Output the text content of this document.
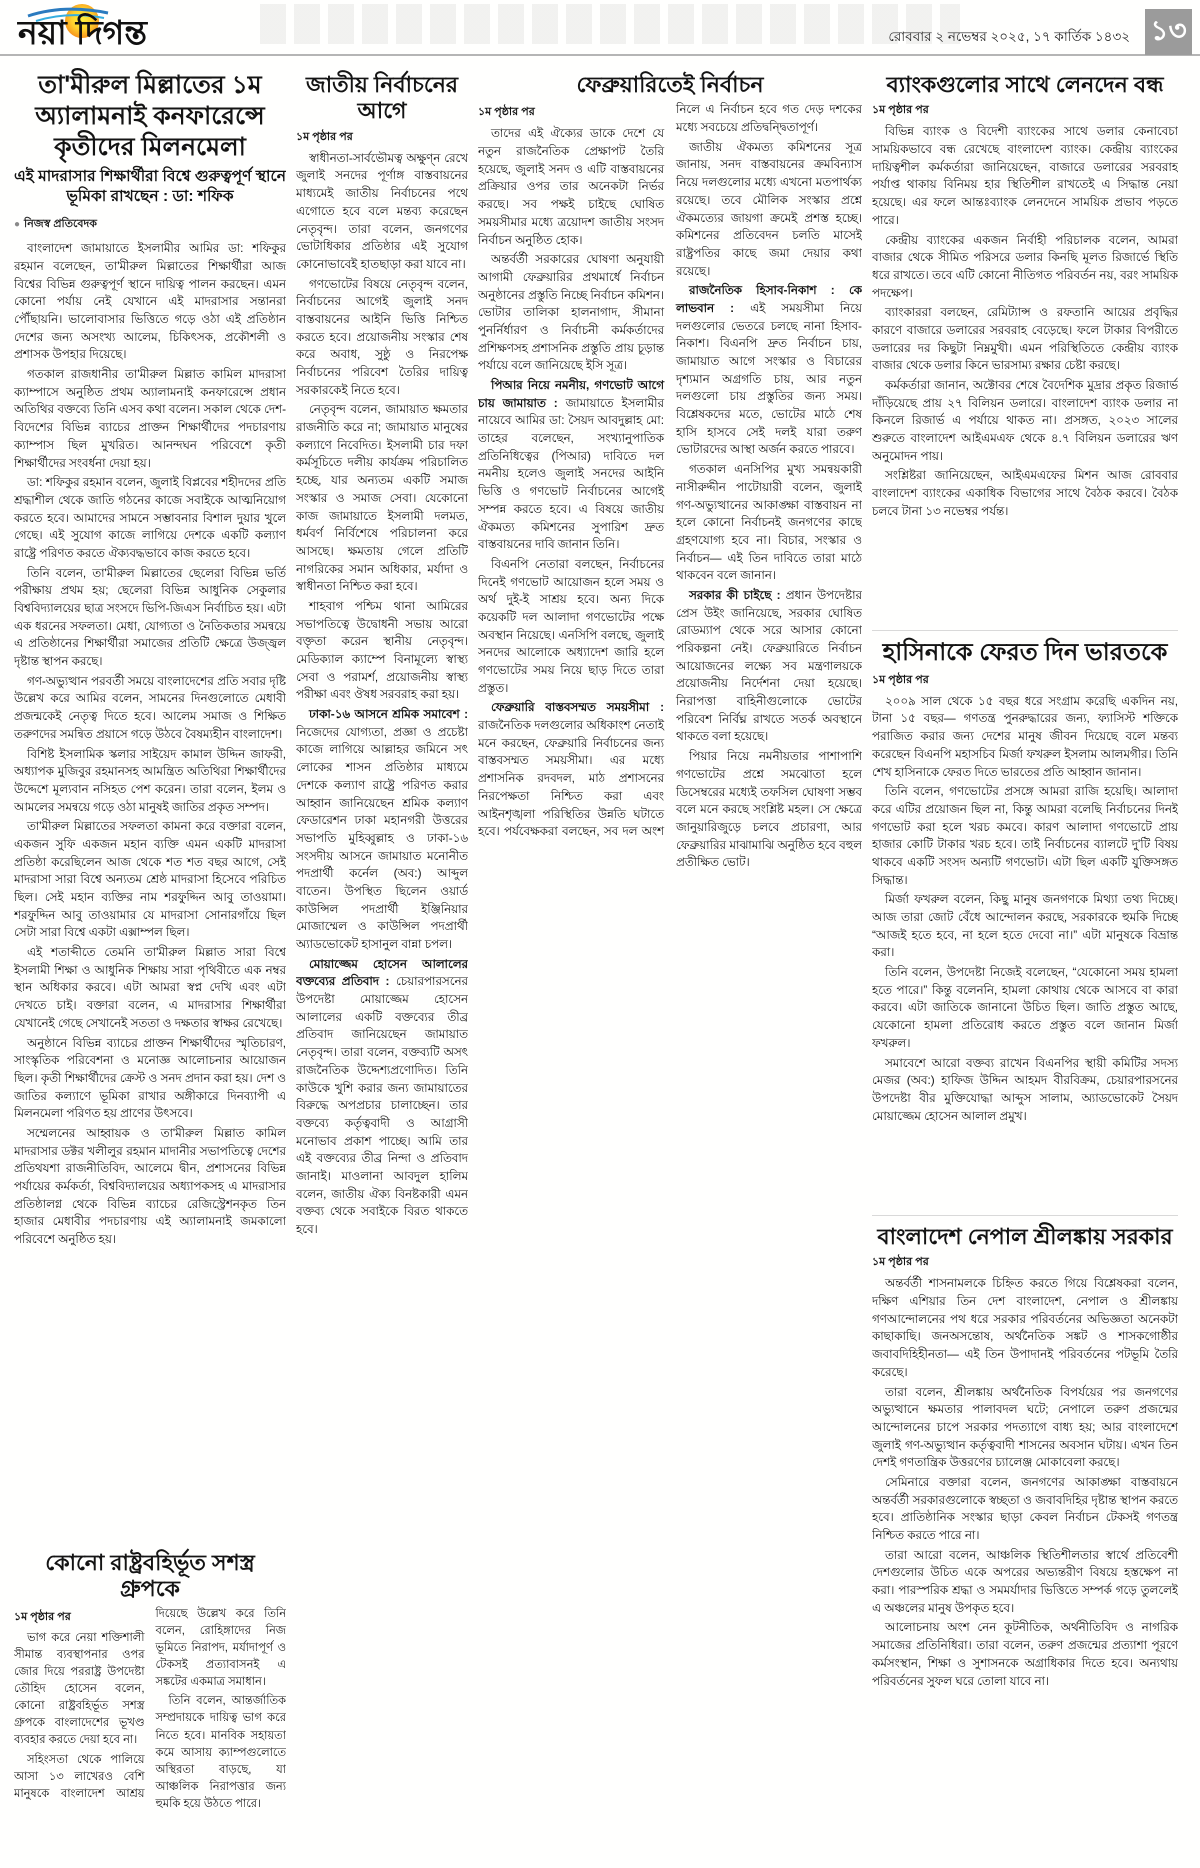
নয়া দিগন্ত	রোববার ২ নভেম্বর ২০২৫, ১৭ কার্তিক ১৪৩২ ১৩
তা'মীরুল মিল্লাতের ১ম অ্যালামনাই কনফারেন্সে কৃতীদের মিলনমেলা
এই মাদরাসার শিক্ষার্থীরা বিশ্বে গুরুত্বপূর্ণ স্থানে ভূমিকা রাখছেন : ডা: শফিক

● নিজস্ব প্রতিবেদক

বাংলাদেশ জামায়াতে ইসলামীর আমির ডা: শফিকুর রহমান বলেছেন, তা'মীরুল মিল্লাতের শিক্ষার্থীরা আজ বিশ্বের বিভিন্ন গুরুত্বপূর্ণ স্থানে দায়িত্ব পালন করছেন। এমন কোনো পর্যায় নেই যেখানে এই মাদরাসার সন্তানরা পৌঁছায়নি। ভালোবাসার ভিত্তিতে গড়ে ওঠা এই প্রতিষ্ঠান দেশের জন্য অসংখ্য আলেম, চিকিৎসক, প্রকৌশলী ও প্রশাসক উপহার দিয়েছে।

গতকাল রাজধানীর তা'মীরুল মিল্লাত কামিল মাদরাসা ক্যাম্পাসে অনুষ্ঠিত প্রথম অ্যালামনাই কনফারেন্সে প্রধান অতিথির বক্তব্যে তিনি এসব কথা বলেন। সকাল থেকে দেশ-বিদেশের বিভিন্ন ব্যাচের প্রাক্তন শিক্ষার্থীদের পদচারণায় ক্যাম্পাস ছিল মুখরিত। আনন্দঘন পরিবেশে কৃতী শিক্ষার্থীদের সংবর্ধনা দেয়া হয়।

ডা: শফিকুর রহমান বলেন, জুলাই বিপ্লবের শহীদদের প্রতি শ্রদ্ধাশীল থেকে জাতি গঠনের কাজে সবাইকে আত্মনিয়োগ করতে হবে। আমাদের সামনে সম্ভাবনার বিশাল দুয়ার খুলে গেছে। এই সুযোগ কাজে লাগিয়ে দেশকে একটি কল্যাণ রাষ্ট্রে পরিণত করতে ঐক্যবদ্ধভাবে কাজ করতে হবে।

তিনি বলেন, তা'মীরুল মিল্লাতের ছেলেরা বিভিন্ন ভর্তি পরীক্ষায় প্রথম হয়; ছেলেরা বিভিন্ন আধুনিক সেকুলার বিশ্ববিদ্যালয়ের ছাত্র সংসদে ভিপি-জিএস নির্বাচিত হয়। এটা এক ধরনের সফলতা। মেধা, যোগ্যতা ও নৈতিকতার সমন্বয়ে এ প্রতিষ্ঠানের শিক্ষার্থীরা সমাজের প্রতিটি ক্ষেত্রে উজ্জ্বল দৃষ্টান্ত স্থাপন করছে।

গণ-অভ্যুত্থান পরবর্তী সময়ে বাংলাদেশের প্রতি সবার দৃষ্টি উল্লেখ করে আমির বলেন, সামনের দিনগুলোতে মেধাবী প্রজন্মকেই নেতৃত্ব দিতে হবে। আলেম সমাজ ও শিক্ষিত তরুণদের সমন্বিত প্রয়াসে গড়ে উঠবে বৈষম্যহীন বাংলাদেশ।

বিশিষ্ট ইসলামিক স্কলার সাইয়েদ কামাল উদ্দিন জাফরী, অধ্যাপক মুজিবুর রহমানসহ আমন্ত্রিত অতিথিরা শিক্ষার্থীদের উদ্দেশে মূল্যবান নসিহত পেশ করেন। তারা বলেন, ইলম ও আমলের সমন্বয়ে গড়ে ওঠা মানুষই জাতির প্রকৃত সম্পদ।

তা'মীরুল মিল্লাতের সফলতা কামনা করে বক্তারা বলেন, একজন সুফি একজন মহান ব্যক্তি এমন একটি মাদরাসা প্রতিষ্ঠা করেছিলেন আজ থেকে শত শত বছর আগে, সেই মাদরাসা সারা বিশ্বে অন্যতম শ্রেষ্ঠ মাদরাসা হিসেবে পরিচিত ছিল। সেই মহান ব্যক্তির নাম শরফুদ্দিন আবু তাওয়ামা। শরফুদ্দিন আবু তাওয়ামার যে মাদরাসা সোনারগাঁয়ে ছিল সেটা সারা বিশ্বে একটা এক্সাম্পল ছিল।

এই শতাব্দীতে তেমনি তা'মীরুল মিল্লাত সারা বিশ্বে ইসলামী শিক্ষা ও আধুনিক শিক্ষায় সারা পৃথিবীতে এক নম্বর স্থান অধিকার করবে। এটা আমরা স্বপ্ন দেখি এবং এটা দেখতে চাই। বক্তারা বলেন, এ মাদরাসার শিক্ষার্থীরা যেখানেই গেছে সেখানেই সততা ও দক্ষতার স্বাক্ষর রেখেছে।

অনুষ্ঠানে বিভিন্ন ব্যাচের প্রাক্তন শিক্ষার্থীদের স্মৃতিচারণ, সাংস্কৃতিক পরিবেশনা ও মনোজ্ঞ আলোচনার আয়োজন ছিল। কৃতী শিক্ষার্থীদের ক্রেস্ট ও সনদ প্রদান করা হয়। দেশ ও জাতির কল্যাণে ভূমিকা রাখার অঙ্গীকারে দিনব্যাপী এ মিলনমেলা পরিণত হয় প্রাণের উৎসবে।

সম্মেলনের আহ্বায়ক ও তা'মীরুল মিল্লাত কামিল মাদরাসার ডক্টর খলীলুর রহমান মাদানীর সভাপতিত্বে দেশের প্রতিথযশা রাজনীতিবিদ, আলেমে দ্বীন, প্রশাসনের বিভিন্ন পর্যায়ের কর্মকর্তা, বিশ্ববিদ্যালয়ের অধ্যাপকসহ এ মাদরাসার প্রতিষ্ঠালগ্ন থেকে বিভিন্ন ব্যাচের রেজিস্ট্রেশনকৃত তিন হাজার মেধাবীর পদচারণায় এই অ্যালামনাই জমকালো পরিবেশে অনুষ্ঠিত হয়।

কোনো রাষ্ট্রবহির্ভূত সশস্ত্র গ্রুপকে

১ম পৃষ্ঠার পর

ভাগ করে নেয়া শক্তিশালী সীমান্ত ব্যবস্থাপনার ওপর জোর দিয়ে পররাষ্ট্র উপদেষ্টা তৌহিদ হোসেন বলেন, কোনো রাষ্ট্রবহির্ভূত সশস্ত্র গ্রুপকে বাংলাদেশের ভূখণ্ড ব্যবহার করতে দেয়া হবে না।

সহিংসতা থেকে পালিয়ে আসা ১৩ লাখেরও বেশি মানুষকে বাংলাদেশ আশ্রয় দিয়েছে উল্লেখ করে তিনি বলেন, রোহিঙ্গাদের নিজ ভূমিতে নিরাপদ, মর্যাদাপূর্ণ ও টেকসই প্রত্যাবাসনই এ সঙ্কটের একমাত্র সমাধান।

তিনি বলেন, আন্তর্জাতিক সম্প্রদায়কে দায়িত্ব ভাগ করে নিতে হবে। মানবিক সহায়তা কমে আসায় ক্যাম্পগুলোতে অস্থিরতা বাড়ছে, যা আঞ্চলিক নিরাপত্তার জন্য হুমকি হয়ে উঠতে পারে।

জাতীয় নির্বাচনের আগে

১ম পৃষ্ঠার পর

স্বাধীনতা-সার্বভৌমত্ব অক্ষুণ্ন রেখে জুলাই সনদের পূর্ণাঙ্গ বাস্তবায়নের মাধ্যমেই জাতীয় নির্বাচনের পথে এগোতে হবে বলে মন্তব্য করেছেন নেতৃবৃন্দ। তারা বলেন, জনগণের ভোটাধিকার প্রতিষ্ঠার এই সুযোগ কোনোভাবেই হাতছাড়া করা যাবে না।

গণভোটের বিষয়ে নেতৃবৃন্দ বলেন, নির্বাচনের আগেই জুলাই সনদ বাস্তবায়নের আইনি ভিত্তি নিশ্চিত করতে হবে। প্রয়োজনীয় সংস্কার শেষ করে অবাধ, সুষ্ঠু ও নিরপেক্ষ নির্বাচনের পরিবেশ তৈরির দায়িত্ব সরকারকেই নিতে হবে।

নেতৃবৃন্দ বলেন, জামায়াত ক্ষমতার রাজনীতি করে না; জামায়াত মানুষের কল্যাণে নিবেদিত। ইসলামী চার দফা কর্মসূচিতে দলীয় কার্যক্রম পরিচালিত হচ্ছে, যার অন্যতম একটি সমাজ সংস্কার ও সমাজ সেবা। যেকোনো কাজ জামায়াতে ইসলামী দলমত, ধর্মবর্ণ নির্বিশেষে পরিচালনা করে আসছে। ক্ষমতায় গেলে প্রতিটি নাগরিকের সমান অধিকার, মর্যাদা ও স্বাধীনতা নিশ্চিত করা হবে।

শাহবাগ পশ্চিম থানা আমিরের সভাপতিত্বে উদ্বোধনী সভায় আরো বক্তৃতা করেন স্থানীয় নেতৃবৃন্দ। মেডিক্যাল ক্যাম্পে বিনামূল্যে স্বাস্থ্য সেবা ও পরামর্শ, প্রয়োজনীয় স্বাস্থ্য পরীক্ষা এবং ঔষধ সরবরাহ করা হয়।

ঢাকা-১৬ আসনে শ্রমিক সমাবেশ : নিজেদের যোগ্যতা, প্রজ্ঞা ও প্রচেষ্টা কাজে লাগিয়ে আল্লাহর জমিনে সৎ লোকের শাসন প্রতিষ্ঠার মাধ্যমে দেশকে কল্যাণ রাষ্ট্রে পরিণত করার আহ্বান জানিয়েছেন শ্রমিক কল্যাণ ফেডারেশন ঢাকা মহানগরী উত্তরের সভাপতি মুহিব্বুল্লাহ ও ঢাকা-১৬ সংসদীয় আসনে জামায়াত মনোনীত পদপ্রার্থী কর্নেল (অব:) আব্দুল বাতেন। উপস্থিত ছিলেন ওয়ার্ড কাউন্সিল পদপ্রার্থী ইঞ্জিনিয়ার মোজাম্মেল ও কাউন্সিল পদপ্রার্থী অ্যাডভোকেট হাসানুল বান্না চপল।

মোয়াজ্জেম হোসেন আলালের বক্তব্যের প্রতিবাদ : চেয়ারপারসনের উপদেষ্টা মোয়াজ্জেম হোসেন আলালের একটি বক্তব্যের তীব্র প্রতিবাদ জানিয়েছেন জামায়াত নেতৃবৃন্দ। তারা বলেন, বক্তব্যটি অসৎ রাজনৈতিক উদ্দেশ্যপ্রণোদিত। তিনি কাউকে খুশি করার জন্য জামায়াতের বিরুদ্ধে অপপ্রচার চালাচ্ছেন। তার বক্তব্যে কর্তৃত্ববাদী ও আগ্রাসী মনোভাব প্রকাশ পাচ্ছে। আমি তার এই বক্তব্যের তীব্র নিন্দা ও প্রতিবাদ জানাই। মাওলানা আবদুল হালিম বলেন, জাতীয় ঐক্য বিনষ্টকারী এমন বক্তব্য থেকে সবাইকে বিরত থাকতে হবে।

ফেব্রুয়ারিতেই নির্বাচন

১ম পৃষ্ঠার পর

তাদের এই ঐক্যের ডাকে দেশে যে নতুন রাজনৈতিক প্রেক্ষাপট তৈরি হয়েছে, জুলাই সনদ ও এটি বাস্তবায়নের প্রক্রিয়ার ওপর তার অনেকটা নির্ভর করছে। সব পক্ষই চাইছে ঘোষিত সময়সীমার মধ্যে ত্রয়োদশ জাতীয় সংসদ নির্বাচন অনুষ্ঠিত হোক।

অন্তর্বর্তী সরকারের ঘোষণা অনুযায়ী আগামী ফেব্রুয়ারির প্রথমার্ধে নির্বাচন অনুষ্ঠানের প্রস্তুতি নিচ্ছে নির্বাচন কমিশন। ভোটার তালিকা হালনাগাদ, সীমানা পুনর্নির্ধারণ ও নির্বাচনী কর্মকর্তাদের প্রশিক্ষণসহ প্রশাসনিক প্রস্তুতি প্রায় চূড়ান্ত পর্যায়ে বলে জানিয়েছে ইসি সূত্র।

পিআর নিয়ে নমনীয়, গণভোট আগে চায় জামায়াত : জামায়াতে ইসলামীর নায়েবে আমির ডা: সৈয়দ আবদুল্লাহ মো: তাহের বলেছেন, সংখ্যানুপাতিক প্রতিনিধিত্বের (পিআর) দাবিতে দল নমনীয় হলেও জুলাই সনদের আইনি ভিত্তি ও গণভোট নির্বাচনের আগেই সম্পন্ন করতে হবে। এ বিষয়ে জাতীয় ঐকমত্য কমিশনের সুপারিশ দ্রুত বাস্তবায়নের দাবি জানান তিনি।

বিএনপি নেতারা বলছেন, নির্বাচনের দিনেই গণভোট আয়োজন হলে সময় ও অর্থ দুই-ই সাশ্রয় হবে। অন্য দিকে কয়েকটি দল আলাদা গণভোটের পক্ষে অবস্থান নিয়েছে। এনসিপি বলছে, জুলাই সনদের আলোকে অধ্যাদেশ জারি হলে গণভোটের সময় নিয়ে ছাড় দিতে তারা প্রস্তুত।

ফেব্রুয়ারি বাস্তবসম্মত সময়সীমা : রাজনৈতিক দলগুলোর অধিকাংশ নেতাই মনে করছেন, ফেব্রুয়ারি নির্বাচনের জন্য বাস্তবসম্মত সময়সীমা। এর মধ্যে প্রশাসনিক রদবদল, মাঠ প্রশাসনের নিরপেক্ষতা নিশ্চিত করা এবং আইনশৃঙ্খলা পরিস্থিতির উন্নতি ঘটাতে হবে। পর্যবেক্ষকরা বলছেন, সব দল অংশ নিলে এ নির্বাচন হবে গত দেড় দশকের মধ্যে সবচেয়ে প্রতিদ্বন্দ্বিতাপূর্ণ।

জাতীয় ঐকমত্য কমিশনের সূত্র জানায়, সনদ বাস্তবায়নের ক্রমবিন্যাস নিয়ে দলগুলোর মধ্যে এখনো মতপার্থক্য রয়েছে। তবে মৌলিক সংস্কার প্রশ্নে ঐকমত্যের জায়গা ক্রমেই প্রশস্ত হচ্ছে। কমিশনের প্রতিবেদন চলতি মাসেই রাষ্ট্রপতির কাছে জমা দেয়ার কথা রয়েছে।

রাজনৈতিক হিসাব-নিকাশ : কে লাভবান : এই সময়সীমা নিয়ে দলগুলোর ভেতরে চলছে নানা হিসাব-নিকাশ। বিএনপি দ্রুত নির্বাচন চায়, জামায়াত আগে সংস্কার ও বিচারের দৃশ্যমান অগ্রগতি চায়, আর নতুন দলগুলো চায় প্রস্তুতির জন্য সময়। বিশ্লেষকদের মতে, ভোটের মাঠে শেষ হাসি হাসবে সেই দলই যারা তরুণ ভোটারদের আস্থা অর্জন করতে পারবে।

গতকাল এনসিপির মুখ্য সমন্বয়কারী নাসীরুদ্দীন পাটোয়ারী বলেন, জুলাই গণ-অভ্যুত্থানের আকাঙ্ক্ষা বাস্তবায়ন না হলে কোনো নির্বাচনই জনগণের কাছে গ্রহণযোগ্য হবে না। বিচার, সংস্কার ও নির্বাচন— এই তিন দাবিতে তারা মাঠে থাকবেন বলে জানান।

সরকার কী চাইছে : প্রধান উপদেষ্টার প্রেস উইং জানিয়েছে, সরকার ঘোষিত রোডম্যাপ থেকে সরে আসার কোনো পরিকল্পনা নেই। ফেব্রুয়ারিতে নির্বাচন আয়োজনের লক্ষ্যে সব মন্ত্রণালয়কে প্রয়োজনীয় নির্দেশনা দেয়া হয়েছে। নিরাপত্তা বাহিনীগুলোকে ভোটের পরিবেশ নির্বিঘ্ন রাখতে সতর্ক অবস্থানে থাকতে বলা হয়েছে।

পিয়ার নিয়ে নমনীয়তার পাশাপাশি গণভোটের প্রশ্নে সমঝোতা হলে ডিসেম্বরের মধ্যেই তফসিল ঘোষণা সম্ভব বলে মনে করছে সংশ্লিষ্ট মহল। সে ক্ষেত্রে জানুয়ারিজুড়ে চলবে প্রচারণা, আর ফেব্রুয়ারির মাঝামাঝি অনুষ্ঠিত হবে বহুল প্রতীক্ষিত ভোট।

ব্যাংকগুলোর সাথে লেনদেন বন্ধ

১ম পৃষ্ঠার পর

বিভিন্ন ব্যাংক ও বিদেশী ব্যাংকের সাথে ডলার কেনাবেচা সাময়িকভাবে বন্ধ রেখেছে বাংলাদেশ ব্যাংক। কেন্দ্রীয় ব্যাংকের দায়িত্বশীল কর্মকর্তারা জানিয়েছেন, বাজারে ডলারের সরবরাহ পর্যাপ্ত থাকায় বিনিময় হার স্থিতিশীল রাখতেই এ সিদ্ধান্ত নেয়া হয়েছে। এর ফলে আন্তঃব্যাংক লেনদেনে সাময়িক প্রভাব পড়তে পারে।

কেন্দ্রীয় ব্যাংকের একজন নির্বাহী পরিচালক বলেন, আমরা বাজার থেকে সীমিত পরিসরে ডলার কিনছি মূলত রিজার্ভে স্থিতি ধরে রাখতে। তবে এটি কোনো নীতিগত পরিবর্তন নয়, বরং সাময়িক পদক্ষেপ।

ব্যাংকাররা বলছেন, রেমিট্যান্স ও রফতানি আয়ের প্রবৃদ্ধির কারণে বাজারে ডলারের সরবরাহ বেড়েছে। ফলে টাকার বিপরীতে ডলারের দর কিছুটা নিম্নমুখী। এমন পরিস্থিতিতে কেন্দ্রীয় ব্যাংক বাজার থেকে ডলার কিনে ভারসাম্য রক্ষার চেষ্টা করছে।

কর্মকর্তারা জানান, অক্টোবর শেষে বৈদেশিক মুদ্রার প্রকৃত রিজার্ভ দাঁড়িয়েছে প্রায় ২৭ বিলিয়ন ডলারে। বাংলাদেশ ব্যাংক ডলার না কিনলে রিজার্ভ এ পর্যায়ে থাকত না। প্রসঙ্গত, ২০২৩ সালের শুরুতে বাংলাদেশ আইএমএফ থেকে ৪.৭ বিলিয়ন ডলারের ঋণ অনুমোদন পায়।

সংশ্লিষ্টরা জানিয়েছেন, আইএমএফের মিশন আজ রোববার বাংলাদেশ ব্যাংকের একাধিক বিভাগের সাথে বৈঠক করবে। বৈঠক চলবে টানা ১৩ নভেম্বর পর্যন্ত।

হাসিনাকে ফেরত দিন ভারতকে

১ম পৃষ্ঠার পর

২০০৯ সাল থেকে ১৫ বছর ধরে সংগ্রাম করেছি একদিন নয়, টানা ১৫ বছর— গণতন্ত্র পুনরুদ্ধারের জন্য, ফ্যাসিস্ট শক্তিকে পরাজিত করার জন্য দেশের মানুষ জীবন দিয়েছে বলে মন্তব্য করেছেন বিএনপি মহাসচিব মির্জা ফখরুল ইসলাম আলমগীর। তিনি শেখ হাসিনাকে ফেরত দিতে ভারতের প্রতি আহ্বান জানান।

তিনি বলেন, গণভোটের প্রসঙ্গে আমরা রাজি হয়েছি। আলাদা করে এটির প্রয়োজন ছিল না, কিন্তু আমরা বলেছি নির্বাচনের দিনই গণভোট করা হলে খরচ কমবে। কারণ আলাদা গণভোটে প্রায় হাজার কোটি টাকার খরচ হবে। তাই নির্বাচনের ব্যালটে দু'টি বিষয় থাকবে একটি সংসদ অন্যটি গণভোট। এটা ছিল একটি যুক্তিসঙ্গত সিদ্ধান্ত।

মির্জা ফখরুল বলেন, কিছু মানুষ জনগণকে মিথ্যা তথ্য দিচ্ছে। আজ তারা জোট বেঁধে আন্দোলন করছে, সরকারকে হুমকি দিচ্ছে “আজই হতে হবে, না হলে হতে দেবো না।” এটা মানুষকে বিভ্রান্ত করা।

তিনি বলেন, উপদেষ্টা নিজেই বলেছেন, “যেকোনো সময় হামলা হতে পারে।” কিন্তু বলেননি, হামলা কোথায় থেকে আসবে বা কারা করবে। এটা জাতিকে জানানো উচিত ছিল। জাতি প্রস্তুত আছে, যেকোনো হামলা প্রতিরোধ করতে প্রস্তুত বলে জানান মির্জা ফখরুল।

সমাবেশে আরো বক্তব্য রাখেন বিএনপির স্থায়ী কমিটির সদস্য মেজর (অব:) হাফিজ উদ্দিন আহমদ বীরবিক্রম, চেয়ারপারসনের উপদেষ্টা বীর মুক্তিযোদ্ধা আব্দুস সালাম, অ্যাডভোকেট সৈয়দ মোয়াজ্জেম হোসেন আলাল প্রমুখ।

বাংলাদেশ নেপাল শ্রীলঙ্কায় সরকার

১ম পৃষ্ঠার পর

অন্তর্বর্তী শাসনামলকে চিহ্নিত করতে গিয়ে বিশ্লেষকরা বলেন, দক্ষিণ এশিয়ার তিন দেশ বাংলাদেশ, নেপাল ও শ্রীলঙ্কায় গণআন্দোলনের পথ ধরে সরকার পরিবর্তনের অভিজ্ঞতা অনেকটা কাছাকাছি। জনঅসন্তোষ, অর্থনৈতিক সঙ্কট ও শাসকগোষ্ঠীর জবাবদিহিহীনতা— এই তিন উপাদানই পরিবর্তনের পটভূমি তৈরি করেছে।

তারা বলেন, শ্রীলঙ্কায় অর্থনৈতিক বিপর্যয়ের পর জনগণের অভ্যুত্থানে ক্ষমতার পালাবদল ঘটে; নেপালে তরুণ প্রজন্মের আন্দোলনের চাপে সরকার পদত্যাগে বাধ্য হয়; আর বাংলাদেশে জুলাই গণ-অভ্যুত্থান কর্তৃত্ববাদী শাসনের অবসান ঘটায়। এখন তিন দেশই গণতান্ত্রিক উত্তরণের চ্যালেঞ্জ মোকাবেলা করছে।

সেমিনারে বক্তারা বলেন, জনগণের আকাঙ্ক্ষা বাস্তবায়নে অন্তর্বর্তী সরকারগুলোকে স্বচ্ছতা ও জবাবদিহির দৃষ্টান্ত স্থাপন করতে হবে। প্রাতিষ্ঠানিক সংস্কার ছাড়া কেবল নির্বাচন টেকসই গণতন্ত্র নিশ্চিত করতে পারে না।

তারা আরো বলেন, আঞ্চলিক স্থিতিশীলতার স্বার্থে প্রতিবেশী দেশগুলোর উচিত একে অপরের অভ্যন্তরীণ বিষয়ে হস্তক্ষেপ না করা। পারস্পরিক শ্রদ্ধা ও সমমর্যাদার ভিত্তিতে সম্পর্ক গড়ে তুললেই এ অঞ্চলের মানুষ উপকৃত হবে।

আলোচনায় অংশ নেন কূটনীতিক, অর্থনীতিবিদ ও নাগরিক সমাজের প্রতিনিধিরা। তারা বলেন, তরুণ প্রজন্মের প্রত্যাশা পূরণে কর্মসংস্থান, শিক্ষা ও সুশাসনকে অগ্রাধিকার দিতে হবে। অন্যথায় পরিবর্তনের সুফল ঘরে তোলা যাবে না।
